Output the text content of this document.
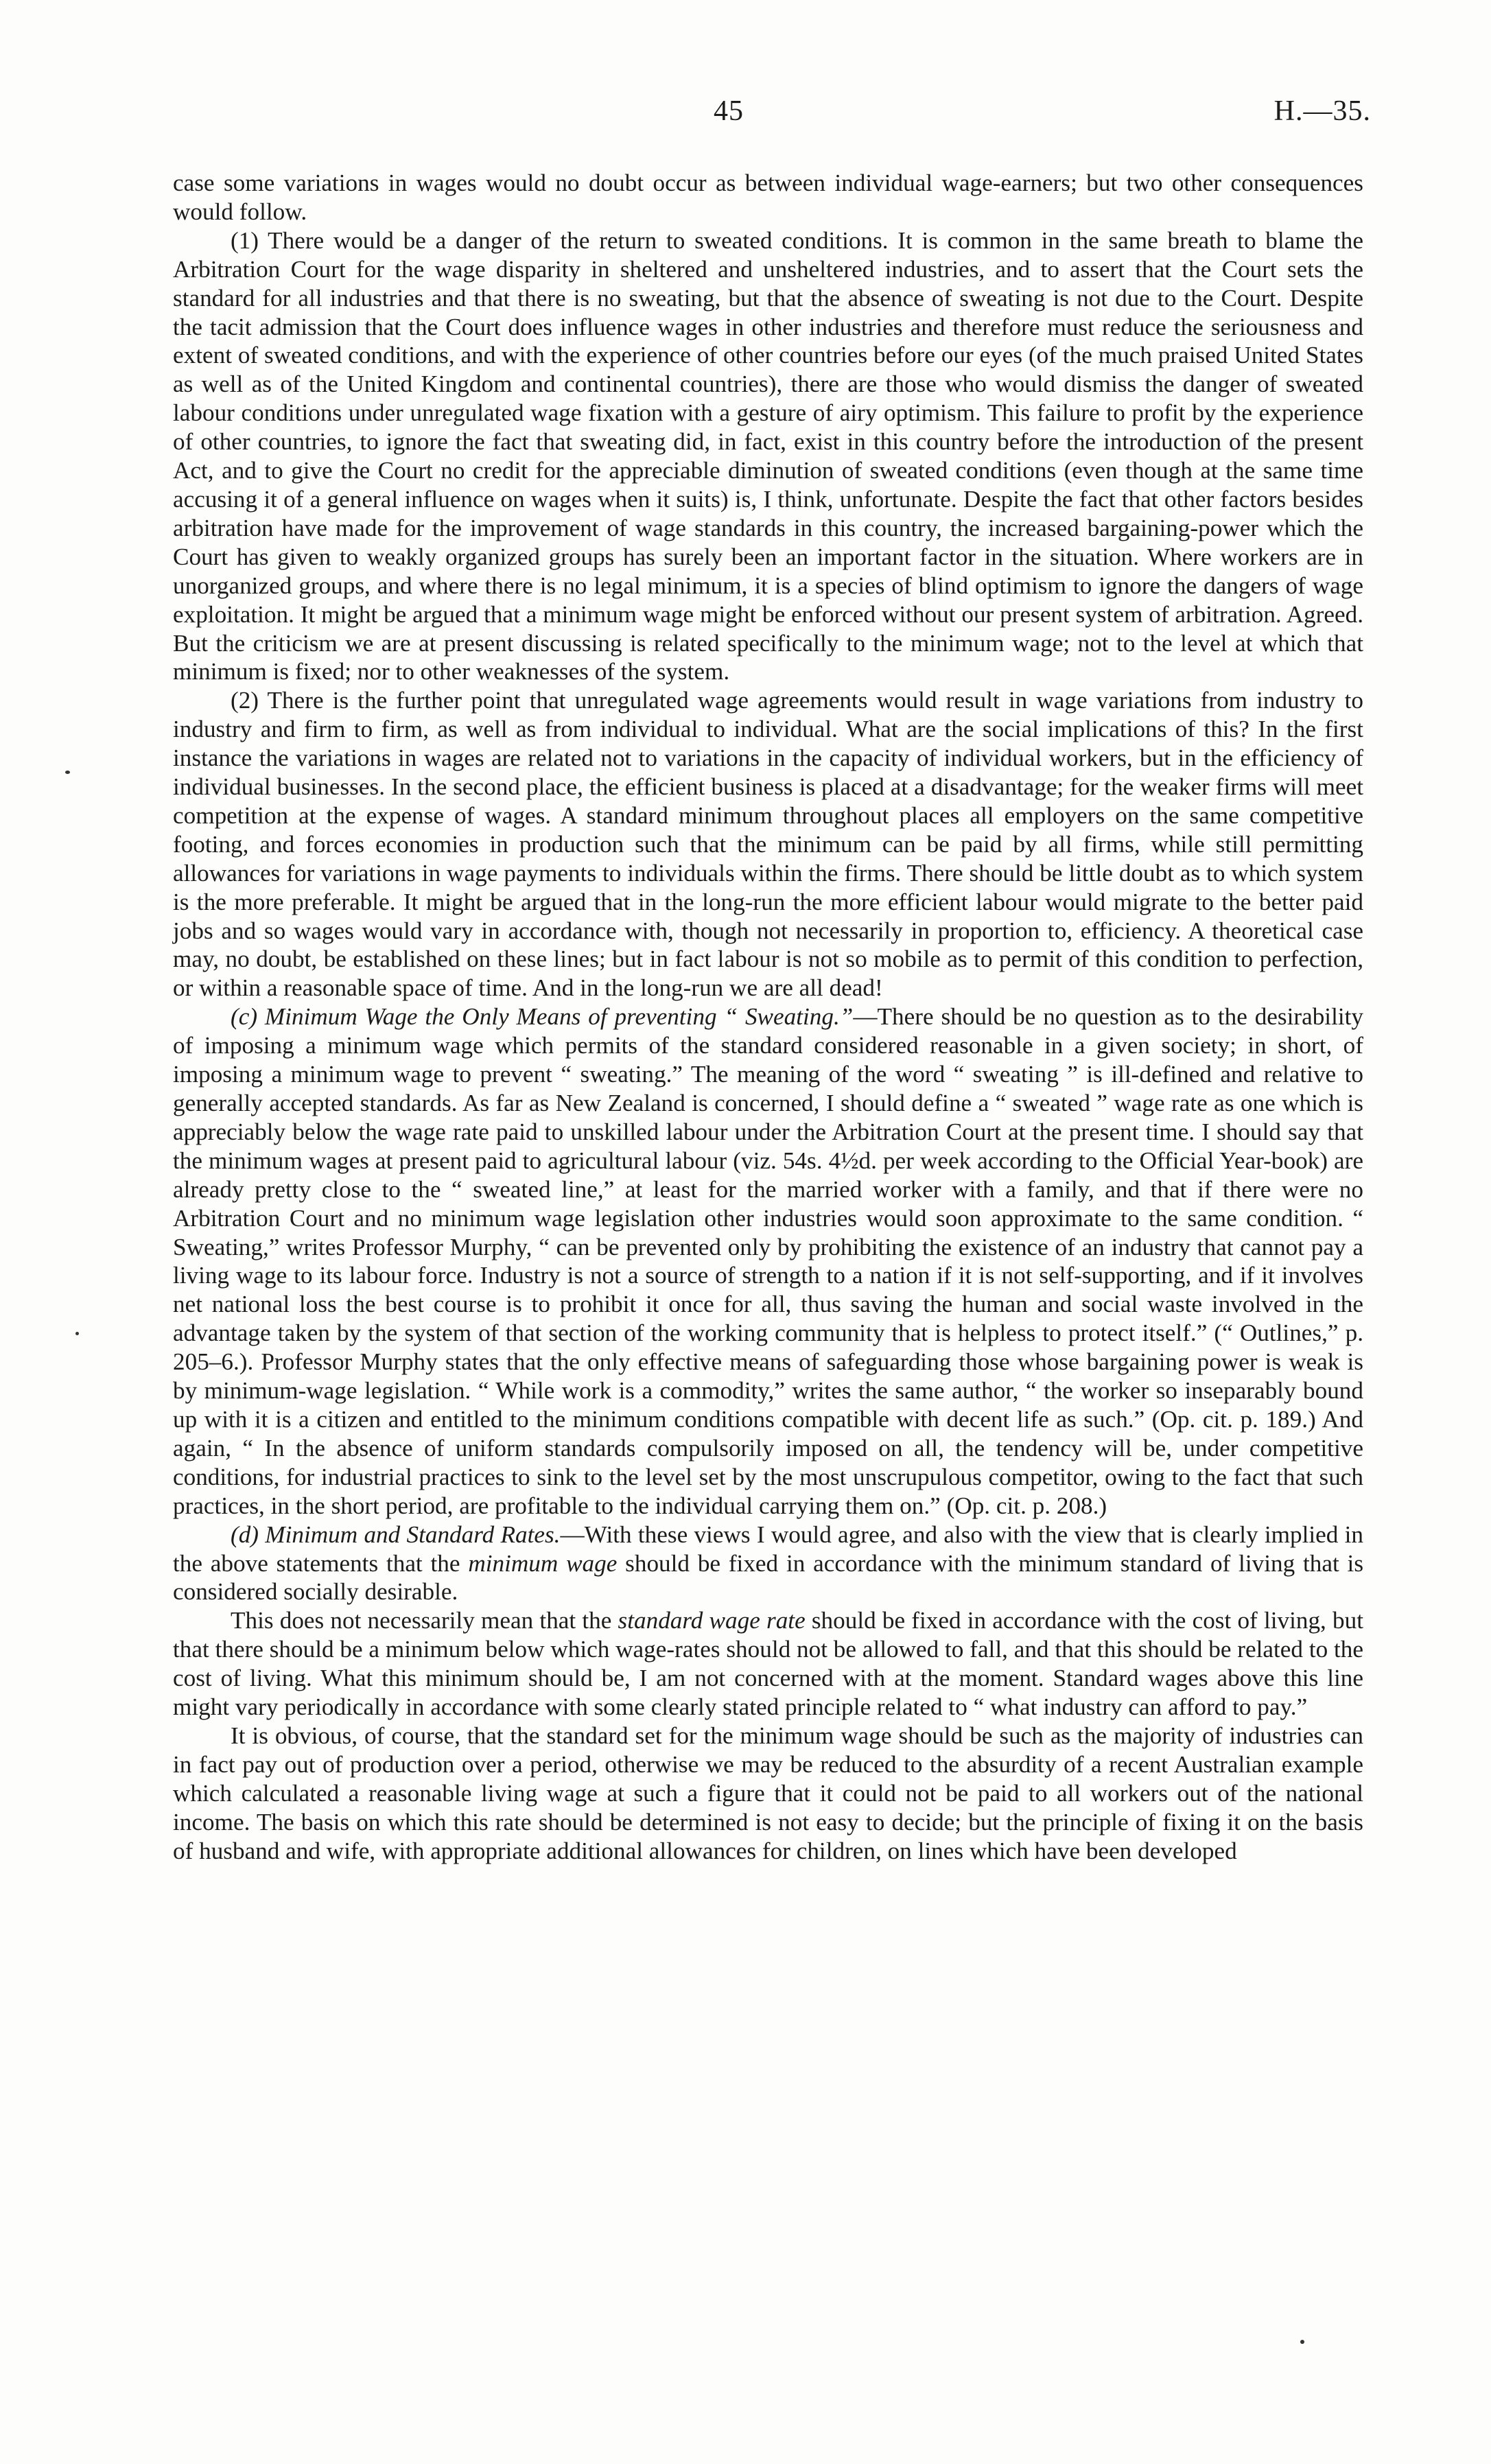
45	H.—35.

case some variations in wages would no doubt occur as between individual wage-earners; but two other consequences would follow.

(1) There would be a danger of the return to sweated conditions. It is common in the same breath to blame the Arbitration Court for the wage disparity in sheltered and unsheltered industries, and to assert that the Court sets the standard for all industries and that there is no sweating, but that the absence of sweating is not due to the Court. Despite the tacit admission that the Court does influence wages in other industries and therefore must reduce the seriousness and extent of sweated conditions, and with the experience of other countries before our eyes (of the much praised United States as well as of the United Kingdom and continental countries), there are those who would dismiss the danger of sweated labour conditions under unregulated wage fixation with a gesture of airy optimism. This failure to profit by the experience of other countries, to ignore the fact that sweating did, in fact, exist in this country before the introduction of the present Act, and to give the Court no credit for the appreciable diminution of sweated conditions (even though at the same time accusing it of a general influence on wages when it suits) is, I think, unfortunate. Despite the fact that other factors besides arbitration have made for the improvement of wage standards in this country, the increased bargaining-power which the Court has given to weakly organized groups has surely been an important factor in the situation. Where workers are in unorganized groups, and where there is no legal minimum, it is a species of blind optimism to ignore the dangers of wage exploitation. It might be argued that a minimum wage might be enforced without our present system of arbitration. Agreed. But the criticism we are at present discussing is related specifically to the minimum wage; not to the level at which that minimum is fixed; nor to other weaknesses of the system.

(2) There is the further point that unregulated wage agreements would result in wage variations from industry to industry and firm to firm, as well as from individual to individual. What are the social implications of this? In the first instance the variations in wages are related not to variations in the capacity of individual workers, but in the efficiency of individual businesses. In the second place, the efficient business is placed at a disadvantage; for the weaker firms will meet competition at the expense of wages. A standard minimum throughout places all employers on the same competitive footing, and forces economies in production such that the minimum can be paid by all firms, while still permitting allowances for variations in wage payments to individuals within the firms. There should be little doubt as to which system is the more preferable. It might be argued that in the long-run the more efficient labour would migrate to the better paid jobs and so wages would vary in accordance with, though not necessarily in proportion to, efficiency. A theoretical case may, no doubt, be established on these lines; but in fact labour is not so mobile as to permit of this condition to perfection, or within a reasonable space of time. And in the long-run we are all dead!

(c) Minimum Wage the Only Means of preventing “ Sweating.”—There should be no question as to the desirability of imposing a minimum wage which permits of the standard considered reasonable in a given society; in short, of imposing a minimum wage to prevent “ sweating.” The meaning of the word “ sweating ” is ill-defined and relative to generally accepted standards. As far as New Zealand is concerned, I should define a “ sweated ” wage rate as one which is appreciably below the wage rate paid to unskilled labour under the Arbitration Court at the present time. I should say that the minimum wages at present paid to agricultural labour (viz. 54s. 4½d. per week according to the Official Year-book) are already pretty close to the “ sweated line,” at least for the married worker with a family, and that if there were no Arbitration Court and no minimum wage legislation other industries would soon approximate to the same condition. “ Sweating,” writes Professor Murphy, “ can be prevented only by prohibiting the existence of an industry that cannot pay a living wage to its labour force. Industry is not a source of strength to a nation if it is not self-supporting, and if it involves net national loss the best course is to prohibit it once for all, thus saving the human and social waste involved in the advantage taken by the system of that section of the working community that is helpless to protect itself.” (“ Outlines,” p. 205–6.). Professor Murphy states that the only effective means of safeguarding those whose bargaining power is weak is by minimum-wage legislation. “ While work is a commodity,” writes the same author, “ the worker so inseparably bound up with it is a citizen and entitled to the minimum conditions compatible with decent life as such.” (Op. cit. p. 189.) And again, “ In the absence of uniform standards compulsorily imposed on all, the tendency will be, under competitive conditions, for industrial practices to sink to the level set by the most unscrupulous competitor, owing to the fact that such practices, in the short period, are profitable to the individual carrying them on.” (Op. cit. p. 208.)

(d) Minimum and Standard Rates.—With these views I would agree, and also with the view that is clearly implied in the above statements that the minimum wage should be fixed in accordance with the minimum standard of living that is considered socially desirable.

This does not necessarily mean that the standard wage rate should be fixed in accordance with the cost of living, but that there should be a minimum below which wage-rates should not be allowed to fall, and that this should be related to the cost of living. What this minimum should be, I am not concerned with at the moment. Standard wages above this line might vary periodically in accordance with some clearly stated principle related to “ what industry can afford to pay.”

It is obvious, of course, that the standard set for the minimum wage should be such as the majority of industries can in fact pay out of production over a period, otherwise we may be reduced to the absurdity of a recent Australian example which calculated a reasonable living wage at such a figure that it could not be paid to all workers out of the national income. The basis on which this rate should be determined is not easy to decide; but the principle of fixing it on the basis of husband and wife, with appropriate additional allowances for children, on lines which have been developed
